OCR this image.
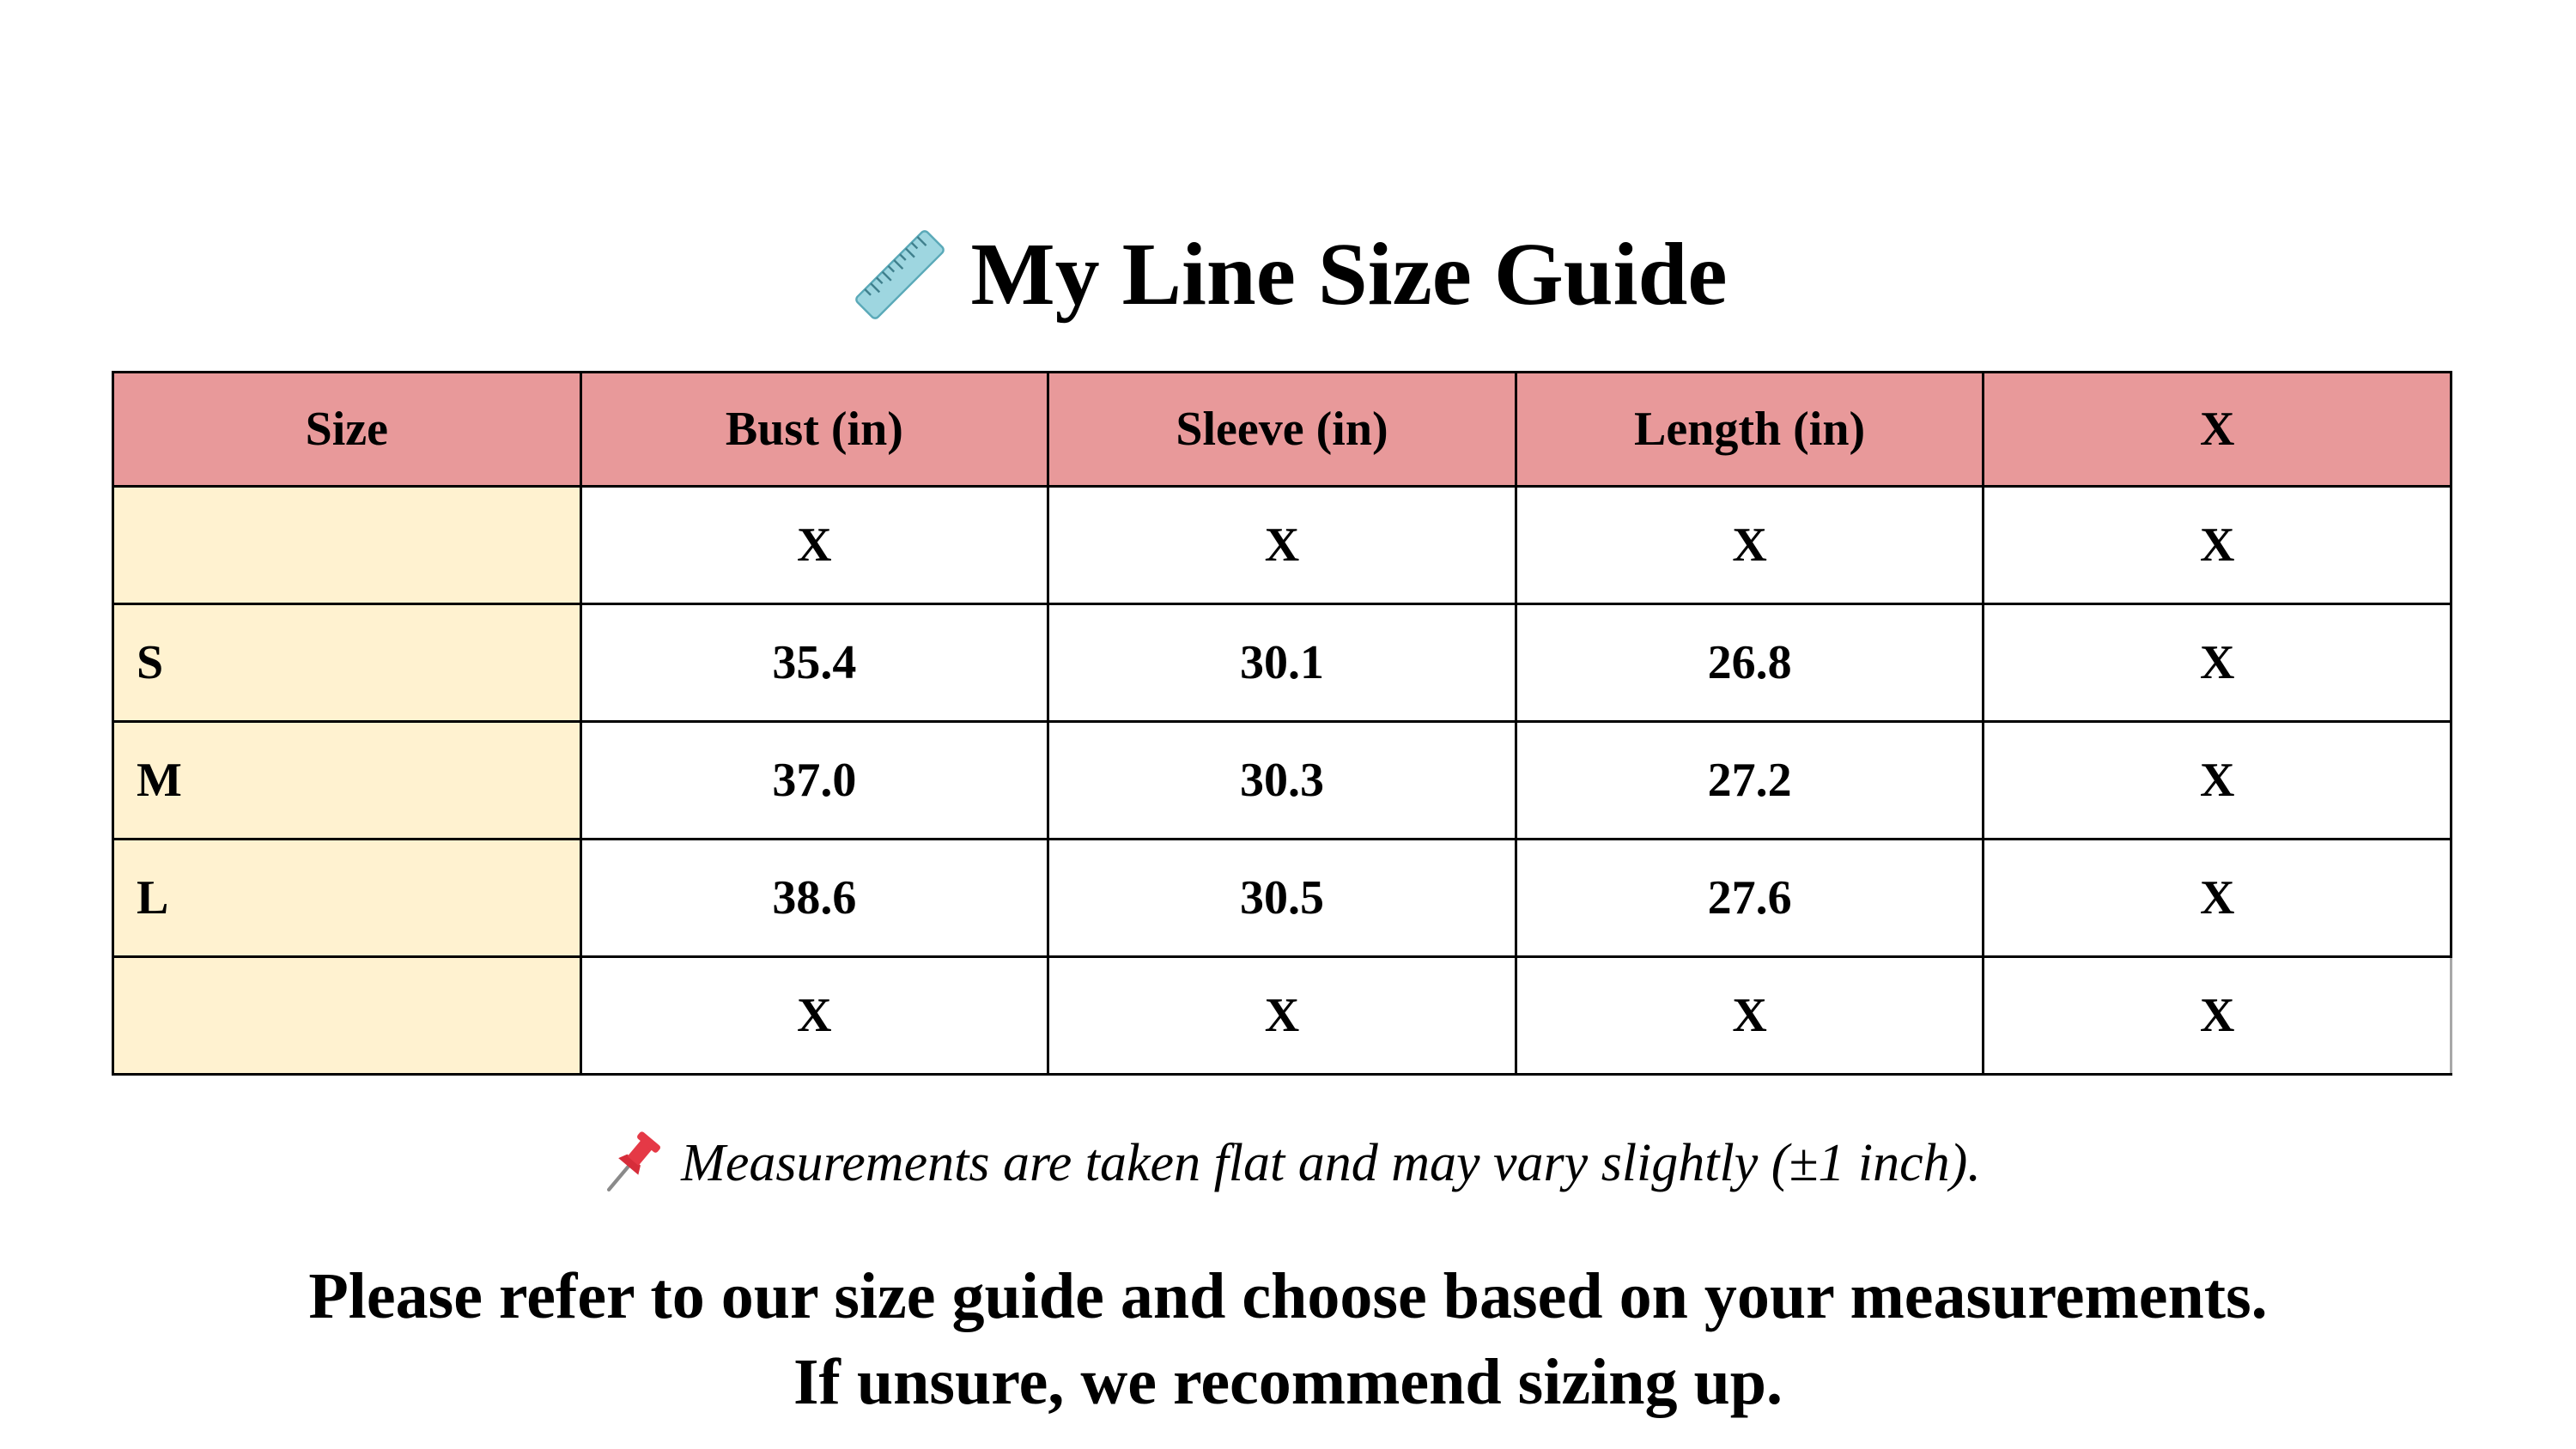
My Line Size Guide
Size	Bust (in)	Sleeve (in)	Length (in)	X
	X	X	X	X
S	35.4	30.1	26.8	X
M	37.0	30.3	27.2	X
L	38.6	30.5	27.6	X
	X	X	X	X
Measurements are taken flat and may vary slightly (±1 inch).
Please refer to our size guide and choose based on your measurements.
If unsure, we recommend sizing up.
